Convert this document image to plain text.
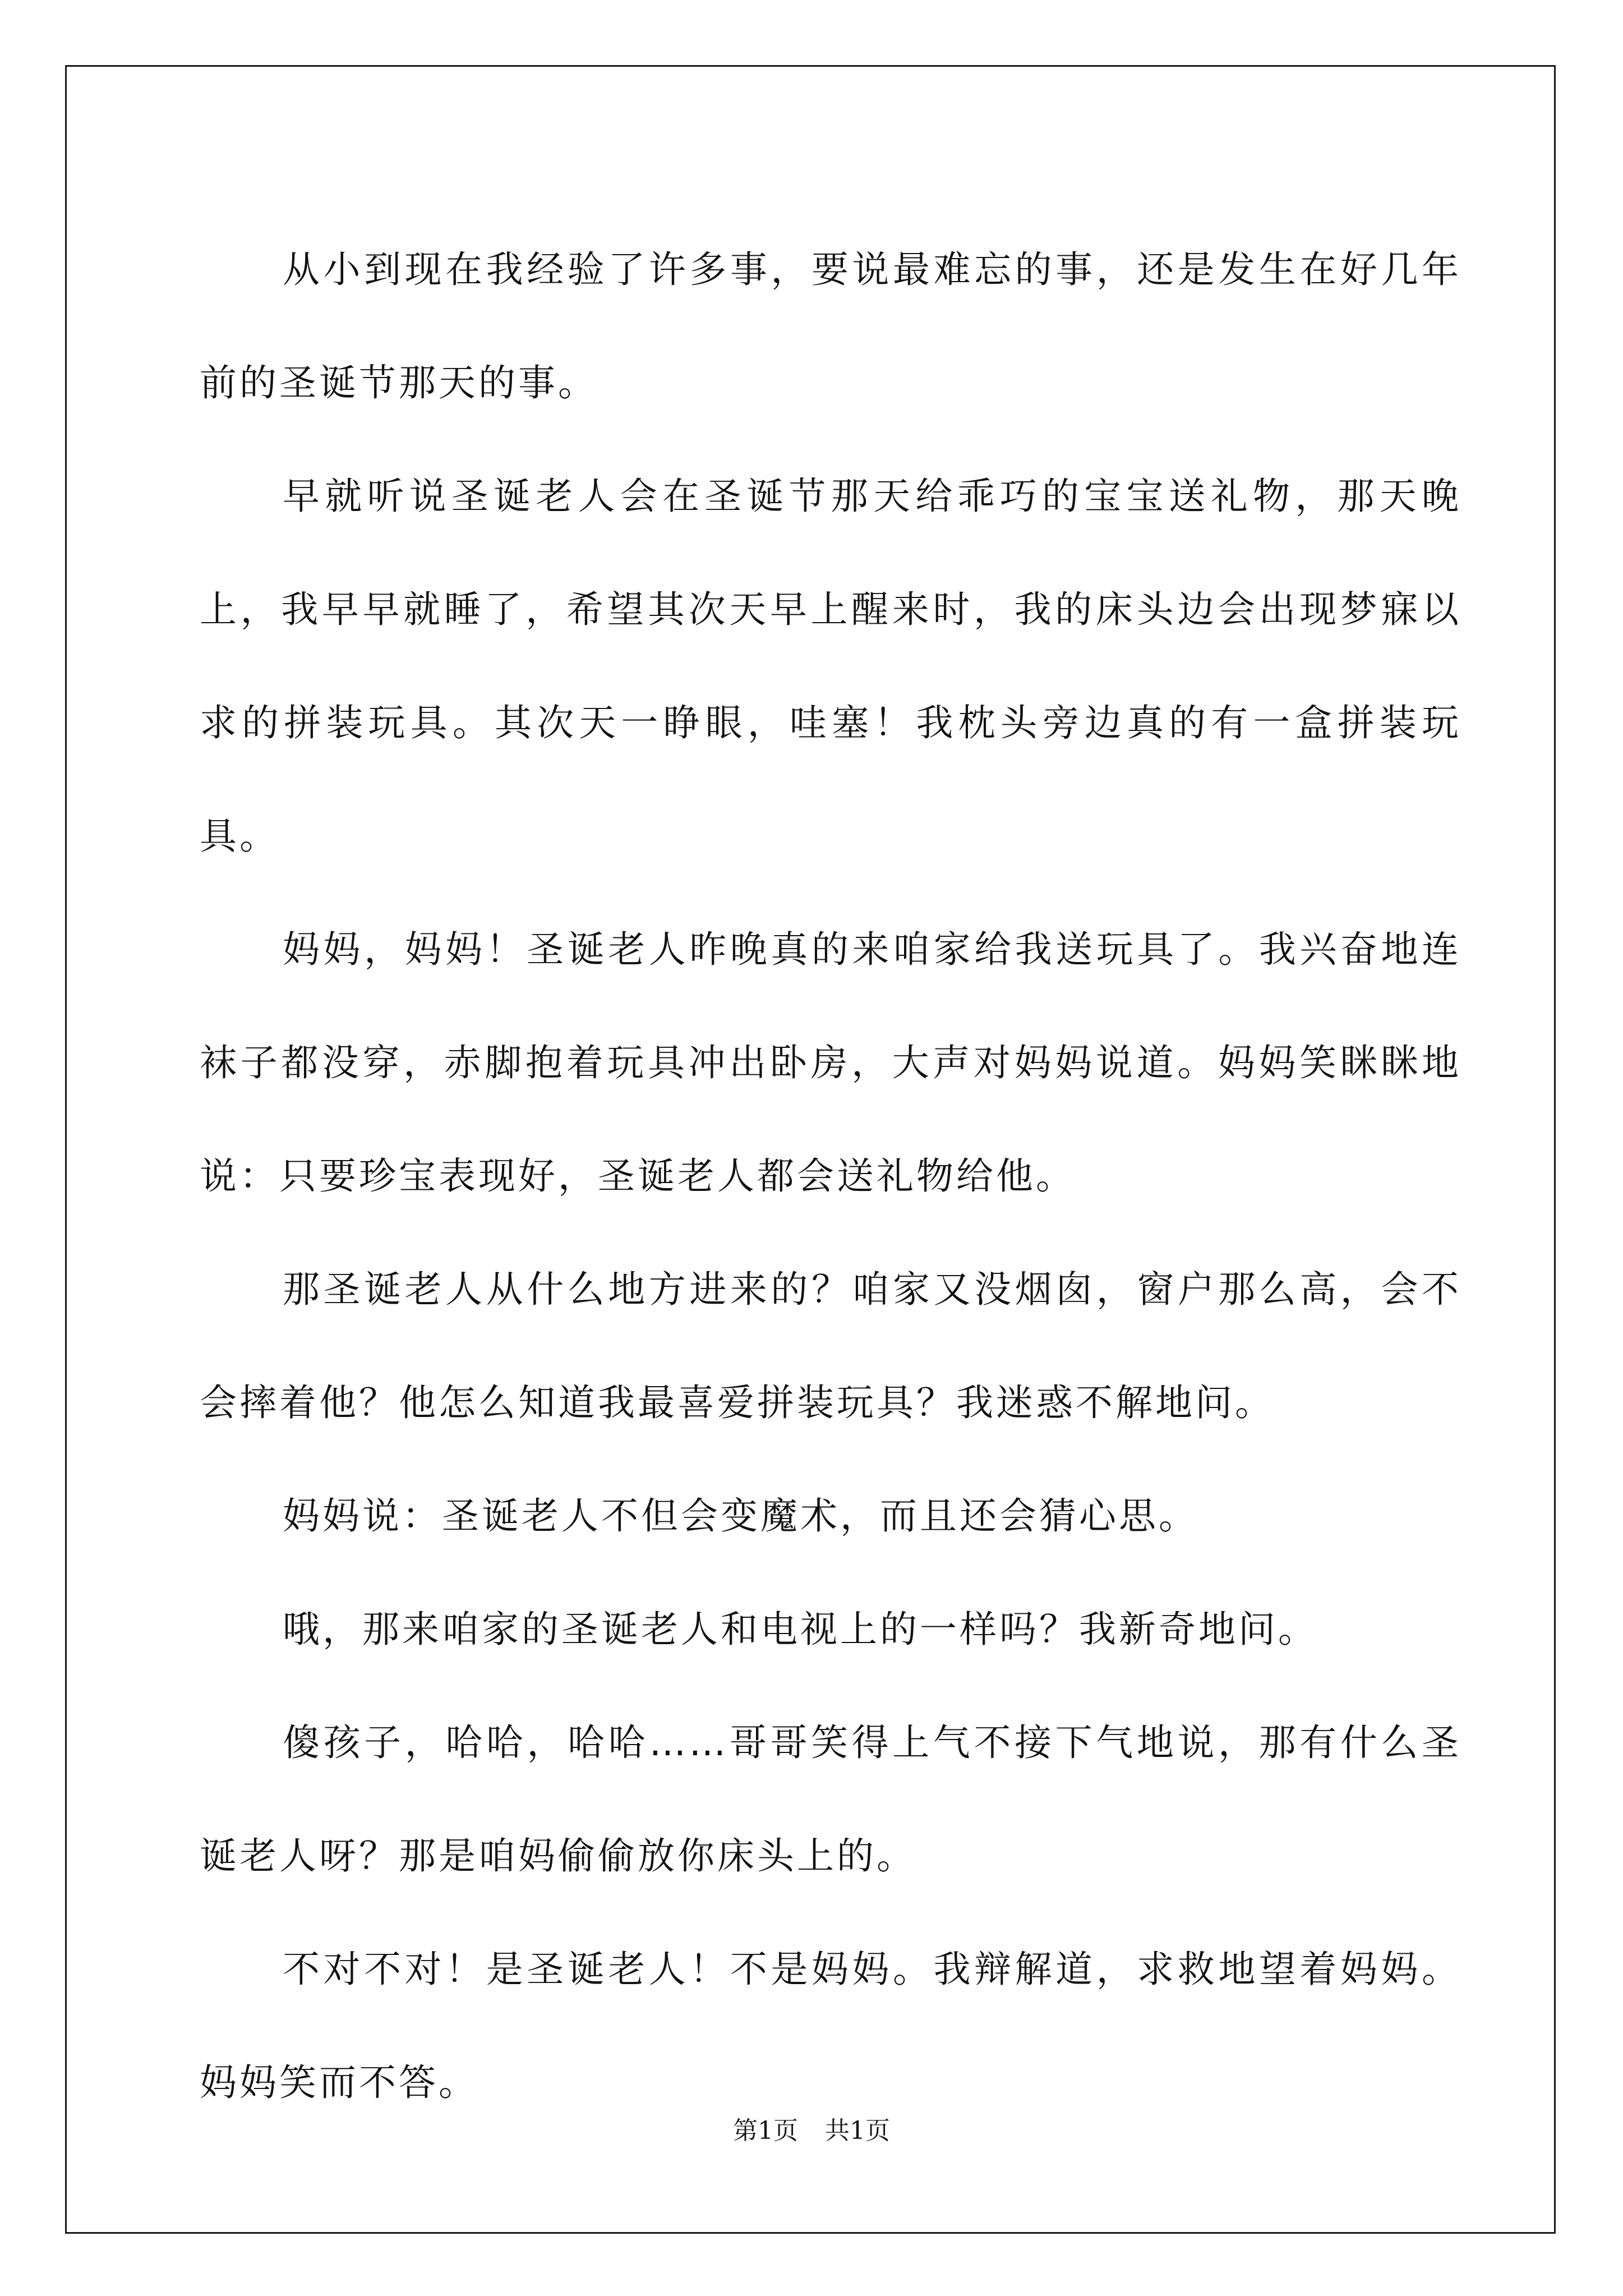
从小到现在我经验了许多事，要说最难忘的事，还是发生在好几年前的圣诞节那天的事。

早就听说圣诞老人会在圣诞节那天给乖巧的宝宝送礼物，那天晚上，我早早就睡了，希望其次天早上醒来时，我的床头边会出现梦寐以求的拼装玩具。其次天一睁眼，哇塞！我枕头旁边真的有一盒拼装玩具。

妈妈，妈妈！圣诞老人昨晚真的来咱家给我送玩具了。我兴奋地连袜子都没穿，赤脚抱着玩具冲出卧房，大声对妈妈说道。妈妈笑眯眯地说：只要珍宝表现好，圣诞老人都会送礼物给他。

那圣诞老人从什么地方进来的？咱家又没烟囱，窗户那么高，会不会摔着他？他怎么知道我最喜爱拼装玩具？我迷惑不解地问。

妈妈说：圣诞老人不但会变魔术，而且还会猜心思。

哦，那来咱家的圣诞老人和电视上的一样吗？我新奇地问。

傻孩子，哈哈，哈哈……哥哥笑得上气不接下气地说，那有什么圣诞老人呀？那是咱妈偷偷放你床头上的。

不对不对！是圣诞老人！不是妈妈。我辩解道，求救地望着妈妈。妈妈笑而不答。

第1页 共1页
